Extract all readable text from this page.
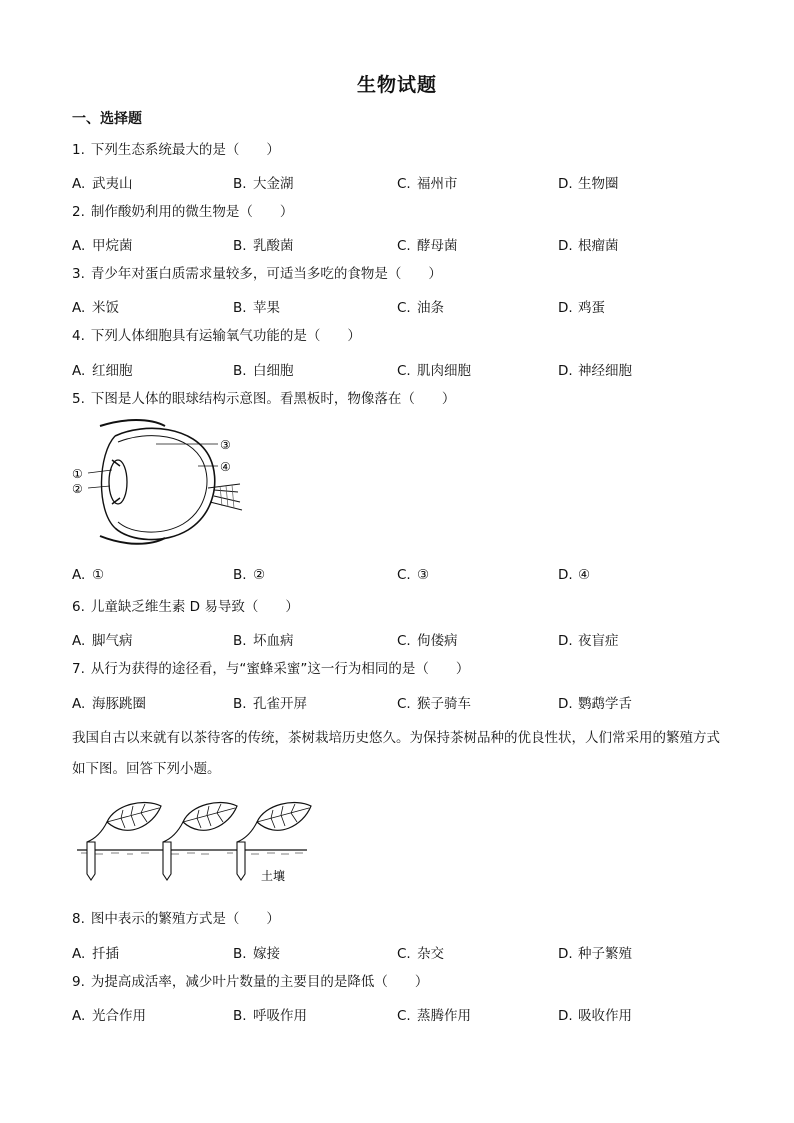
生物试题
一、选择题
1. 下列生态系统最大的是（　　）
A. 武夷山	B. 大金湖	C. 福州市	D. 生物圈
2. 制作酸奶利用的微生物是（　　）
A. 甲烷菌	B. 乳酸菌	C. 酵母菌	D. 根瘤菌
3. 青少年对蛋白质需求量较多，可适当多吃的食物是（　　）
A. 米饭	B. 苹果	C. 油条	D. 鸡蛋
4. 下列人体细胞具有运输氧气功能的是（　　）
A. 红细胞	B. 白细胞	C. 肌肉细胞	D. 神经细胞
5. 下图是人体的眼球结构示意图。看黑板时，物像落在（　　）
①
②
③
④
A. ①	B. ②	C. ③	D. ④
6. 儿童缺乏维生素 D 易导致（　　）
A. 脚气病	B. 坏血病	C. 佝偻病	D. 夜盲症
7. 从行为获得的途径看，与“蜜蜂采蜜”这一行为相同的是（　　）
A. 海豚跳圈	B. 孔雀开屏	C. 猴子骑车	D. 鹦鹉学舌
我国自古以来就有以茶待客的传统，茶树栽培历史悠久。为保持茶树品种的优良性状，人们常采用的繁殖方式如下图。回答下列小题。
土壤
8. 图中表示的繁殖方式是（　　）
A. 扦插	B. 嫁接	C. 杂交	D. 种子繁殖
9. 为提高成活率，减少叶片数量的主要目的是降低（　　）
A. 光合作用	B. 呼吸作用	C. 蒸腾作用	D. 吸收作用
